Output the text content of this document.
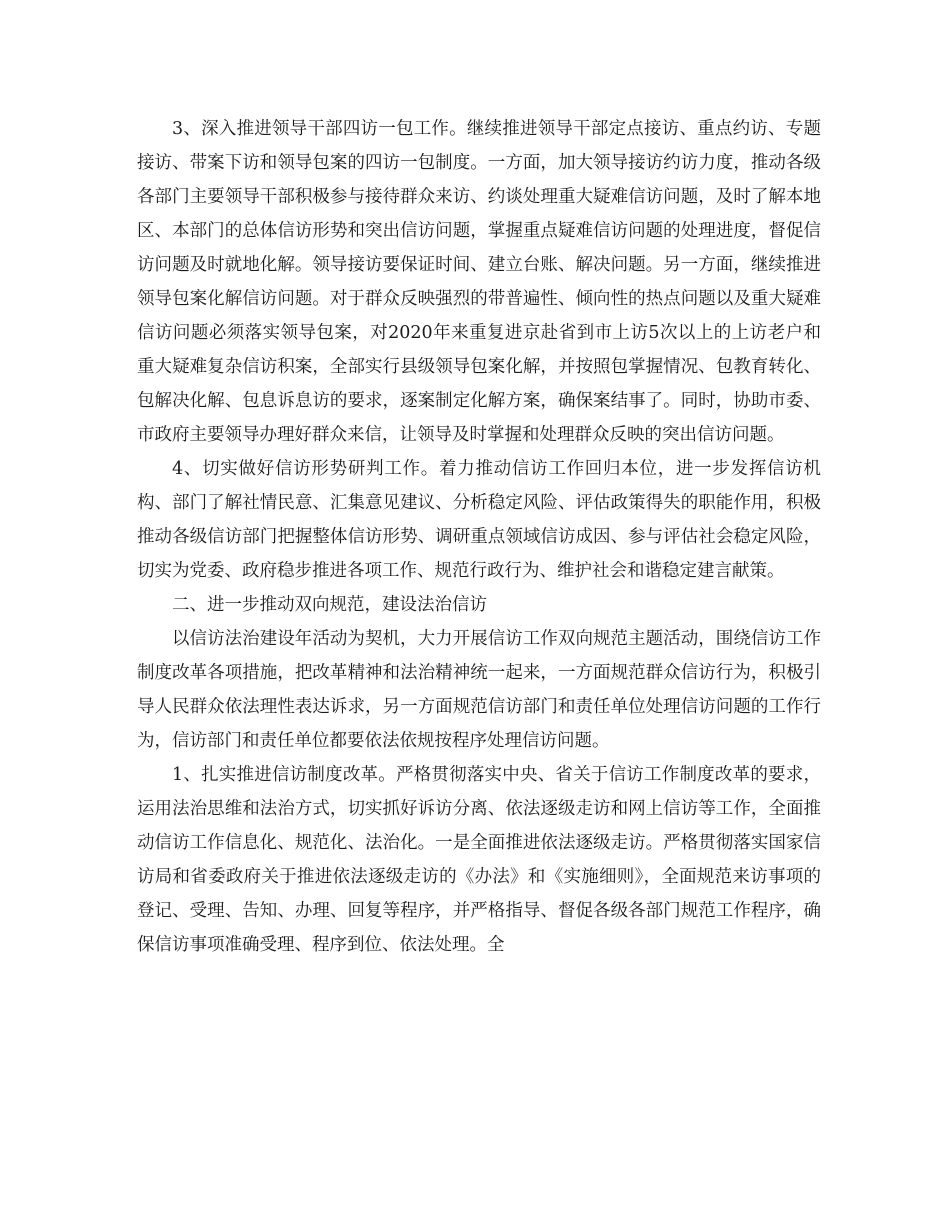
3、深入推进领导干部四访一包工作。继续推进领导干部定点接访、重点约访、专题接访、带案下访和领导包案的四访一包制度。一方面，加大领导接访约访力度，推动各级各部门主要领导干部积极参与接待群众来访、约谈处理重大疑难信访问题，及时了解本地区、本部门的总体信访形势和突出信访问题，掌握重点疑难信访问题的处理进度，督促信访问题及时就地化解。领导接访要保证时间、建立台账、解决问题。另一方面，继续推进领导包案化解信访问题。对于群众反映强烈的带普遍性、倾向性的热点问题以及重大疑难信访问题必须落实领导包案，对2020年来重复进京赴省到市上访5次以上的上访老户和重大疑难复杂信访积案，全部实行县级领导包案化解，并按照包掌握情况、包教育转化、包解决化解、包息诉息访的要求，逐案制定化解方案，确保案结事了。同时，协助市委、市政府主要领导办理好群众来信，让领导及时掌握和处理群众反映的突出信访问题。

4、切实做好信访形势研判工作。着力推动信访工作回归本位，进一步发挥信访机构、部门了解社情民意、汇集意见建议、分析稳定风险、评估政策得失的职能作用，积极推动各级信访部门把握整体信访形势、调研重点领域信访成因、参与评估社会稳定风险，切实为党委、政府稳步推进各项工作、规范行政行为、维护社会和谐稳定建言献策。

二、进一步推动双向规范，建设法治信访

以信访法治建设年活动为契机，大力开展信访工作双向规范主题活动，围绕信访工作制度改革各项措施，把改革精神和法治精神统一起来，一方面规范群众信访行为，积极引导人民群众依法理性表达诉求，另一方面规范信访部门和责任单位处理信访问题的工作行为，信访部门和责任单位都要依法依规按程序处理信访问题。

1、扎实推进信访制度改革。严格贯彻落实中央、省关于信访工作制度改革的要求，运用法治思维和法治方式，切实抓好诉访分离、依法逐级走访和网上信访等工作，全面推动信访工作信息化、规范化、法治化。一是全面推进依法逐级走访。严格贯彻落实国家信访局和省委政府关于推进依法逐级走访的《办法》和《实施细则》，全面规范来访事项的登记、受理、告知、办理、回复等程序，并严格指导、督促各级各部门规范工作程序，确保信访事项准确受理、程序到位、依法处理。全
